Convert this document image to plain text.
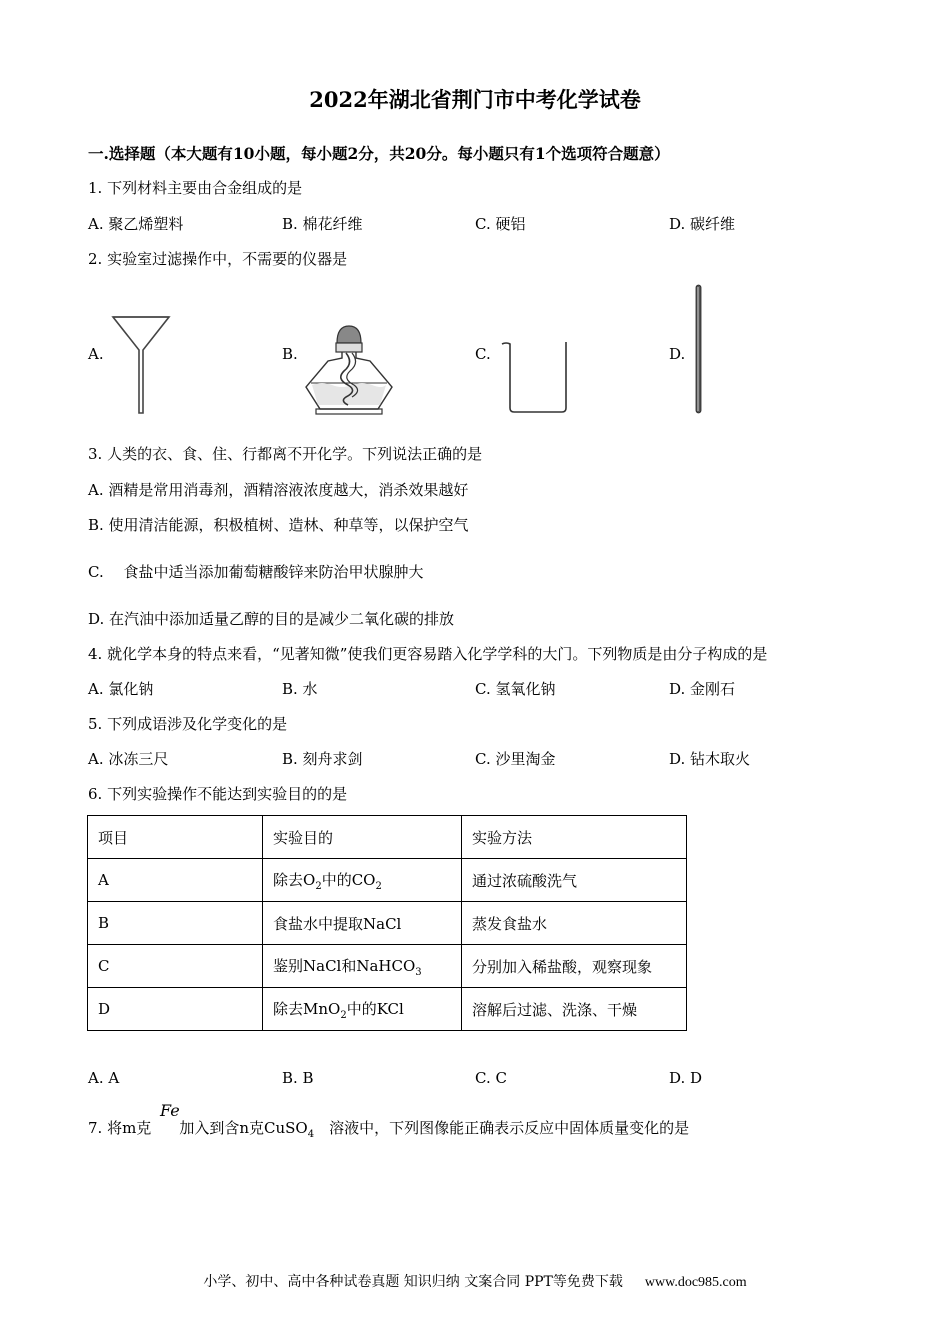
2022年湖北省荆门市中考化学试卷
一.选择题（本大题有10小题，每小题2分，共20分。每小题只有1个选项符合题意）
1. 下列材料主要由合金组成的是
A. 聚乙烯塑料	B. 棉花纤维	C. 硬铝	D. 碳纤维
2. 实验室过滤操作中，不需要的仪器是
A.	B.	C.	D.
3. 人类的衣、食、住、行都离不开化学。下列说法正确的是
A. 酒精是常用消毒剂，酒精溶液浓度越大，消杀效果越好
B. 使用清洁能源，积极植树、造林、种草等，以保护空气
C.　 食盐中适当添加葡萄糖酸锌来防治甲状腺肿大
D. 在汽油中添加适量乙醇的目的是减少二氧化碳的排放
4. 就化学本身的特点来看，“见著知微”使我们更容易踏入化学学科的大门。下列物质是由分子构成的是
A. 氯化钠	B. 水	C. 氢氧化钠	D. 金刚石
5. 下列成语涉及化学变化的是
A. 冰冻三尺	B. 刻舟求剑	C. 沙里淘金	D. 钻木取火
6. 下列实验操作不能达到实验目的的是
项目	实验目的	实验方法
A	除去$O_2$中的$CO_2$	通过浓硫酸洗气
B	食盐水中提取NaCl	蒸发食盐水
C	鉴别NaCl和NaHCO$_3$	分别加入稀盐酸，观察现象
D	除去MnO$_2$中的KCl	溶解后过滤、洗涤、干燥
A. A	B. B	C. C	D. D
Fe
7. 将m克 加入到含n克CuSO$_4$　溶液中，下列图像能正确表示反应中固体质量变化的是
小学、初中、高中各种试卷真题 知识归纳 文案合同 PPT等免费下载 www.doc985.com
